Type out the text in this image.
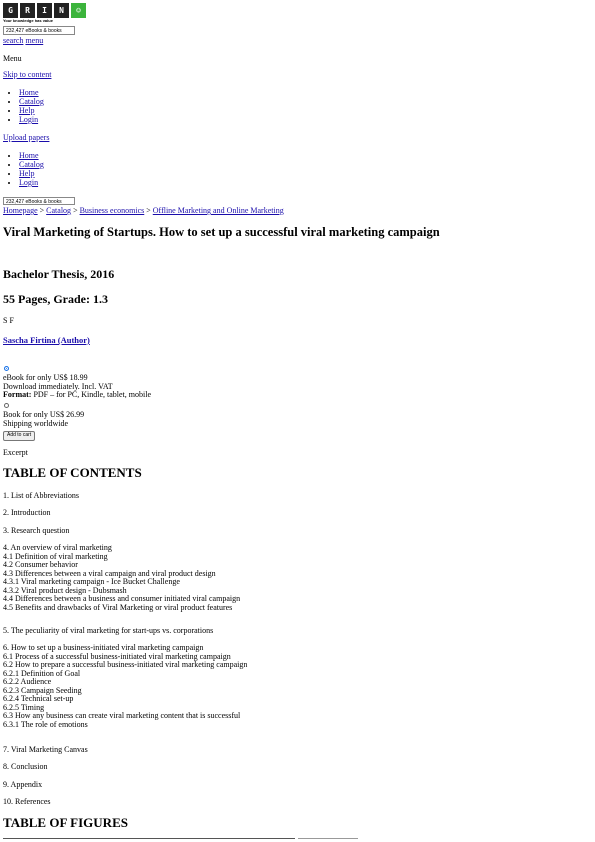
G	R	I	N	☺
Your knowledge has value
232,427 eBooks & books
search menu
Menu
Skip to content
• Home
• Catalog
• Help
• Login
Upload papers
• Home
• Catalog
• Help
• Login
232,427 eBooks & books
Homepage > Catalog > Business economics > Offline Marketing and Online Marketing
Viral Marketing of Startups. How to set up a successful viral marketing campaign
Bachelor Thesis, 2016
55 Pages, Grade: 1.3
S F
Sascha Firtina (Author)
eBook for only US$ 18.99
Download immediately. Incl. VAT
Format: PDF – for PC, Kindle, tablet, mobile
Book for only US$ 26.99
Shipping worldwide
Add to cart
Excerpt
TABLE OF CONTENTS
1. List of Abbreviations
2. Introduction
3. Research question
4. An overview of viral marketing
4.1 Definition of viral marketing
4.2 Consumer behavior
4.3 Differences between a viral campaign and viral product design
4.3.1 Viral marketing campaign - Ice Bucket Challenge
4.3.2 Viral product design - Dubsmash
4.4 Differences between a business and consumer initiated viral campaign
4.5 Benefits and drawbacks of Viral Marketing or viral product features
5. The peculiarity of viral marketing for start-ups vs. corporations
6. How to set up a business-initiated viral marketing campaign
6.1 Process of a successful business-initiated viral marketing campaign
6.2 How to prepare a successful business-initiated viral marketing campaign
6.2.1 Definition of Goal
6.2.2 Audience
6.2.3 Campaign Seeding
6.2.4 Technical set-up
6.2.5 Timing
6.3 How any business can create viral marketing content that is successful
6.3.1 The role of emotions
7. Viral Marketing Canvas
8. Conclusion
9. Appendix
10. References
TABLE OF FIGURES
